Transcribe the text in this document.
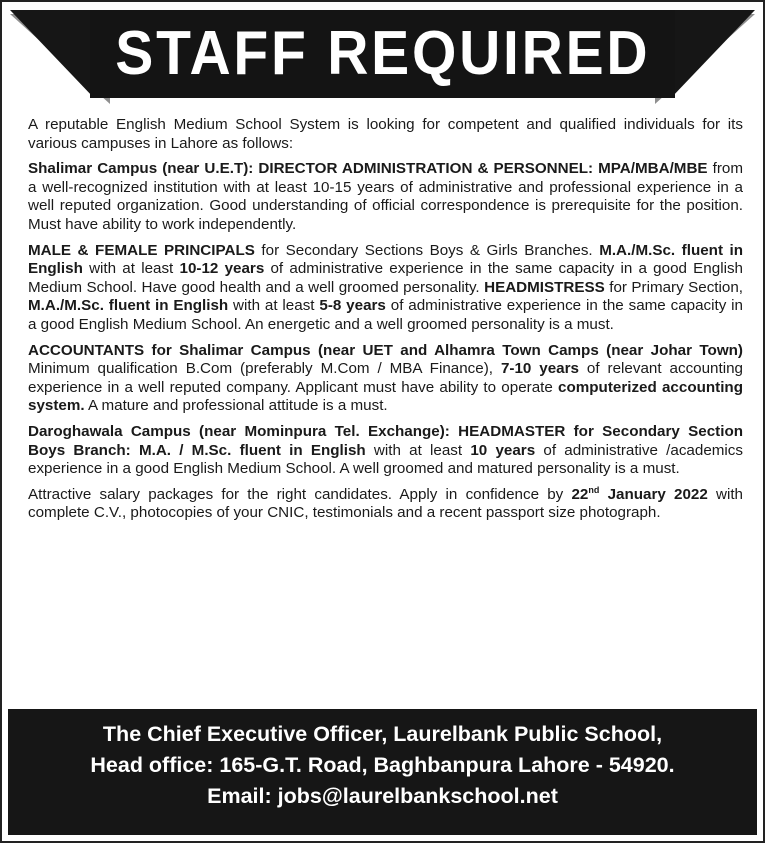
STAFF REQUIRED

A reputable English Medium School System is looking for competent and qualified individuals for its various campuses in Lahore as follows:

Shalimar Campus (near U.E.T): DIRECTOR ADMINISTRATION & PERSONNEL: MPA/MBA/MBE from a well-recognized institution with at least 10-15 years of administrative and professional experience in a well reputed organization. Good understanding of official correspondence is prerequisite for the position. Must have ability to work independently.

MALE & FEMALE PRINCIPALS for Secondary Sections Boys & Girls Branches. M.A./M.Sc. fluent in English with at least 10-12 years of administrative experience in the same capacity in a good English Medium School. Have good health and a well groomed personality. HEADMISTRESS for Primary Section, M.A./M.Sc. fluent in English with at least 5-8 years of administrative experience in the same capacity in a good English Medium School. An energetic and a well groomed personality is a must.

ACCOUNTANTS for Shalimar Campus (near UET and Alhamra Town Camps (near Johar Town) Minimum qualification B.Com (preferably M.Com / MBA Finance), 7-10 years of relevant accounting experience in a well reputed company. Applicant must have ability to operate computerized accounting system. A mature and professional attitude is a must.

Daroghawala Campus (near Mominpura Tel. Exchange): HEADMASTER for Secondary Section Boys Branch: M.A. / M.Sc. fluent in English with at least 10 years of administrative /academics experience in a good English Medium School. A well groomed and matured personality is a must.

Attractive salary packages for the right candidates. Apply in confidence by 22nd January 2022 with complete C.V., photocopies of your CNIC, testimonials and a recent passport size photograph.

The Chief Executive Officer, Laurelbank Public School,
Head office: 165-G.T. Road, Baghbanpura Lahore - 54920.
Email: jobs@laurelbankschool.net
